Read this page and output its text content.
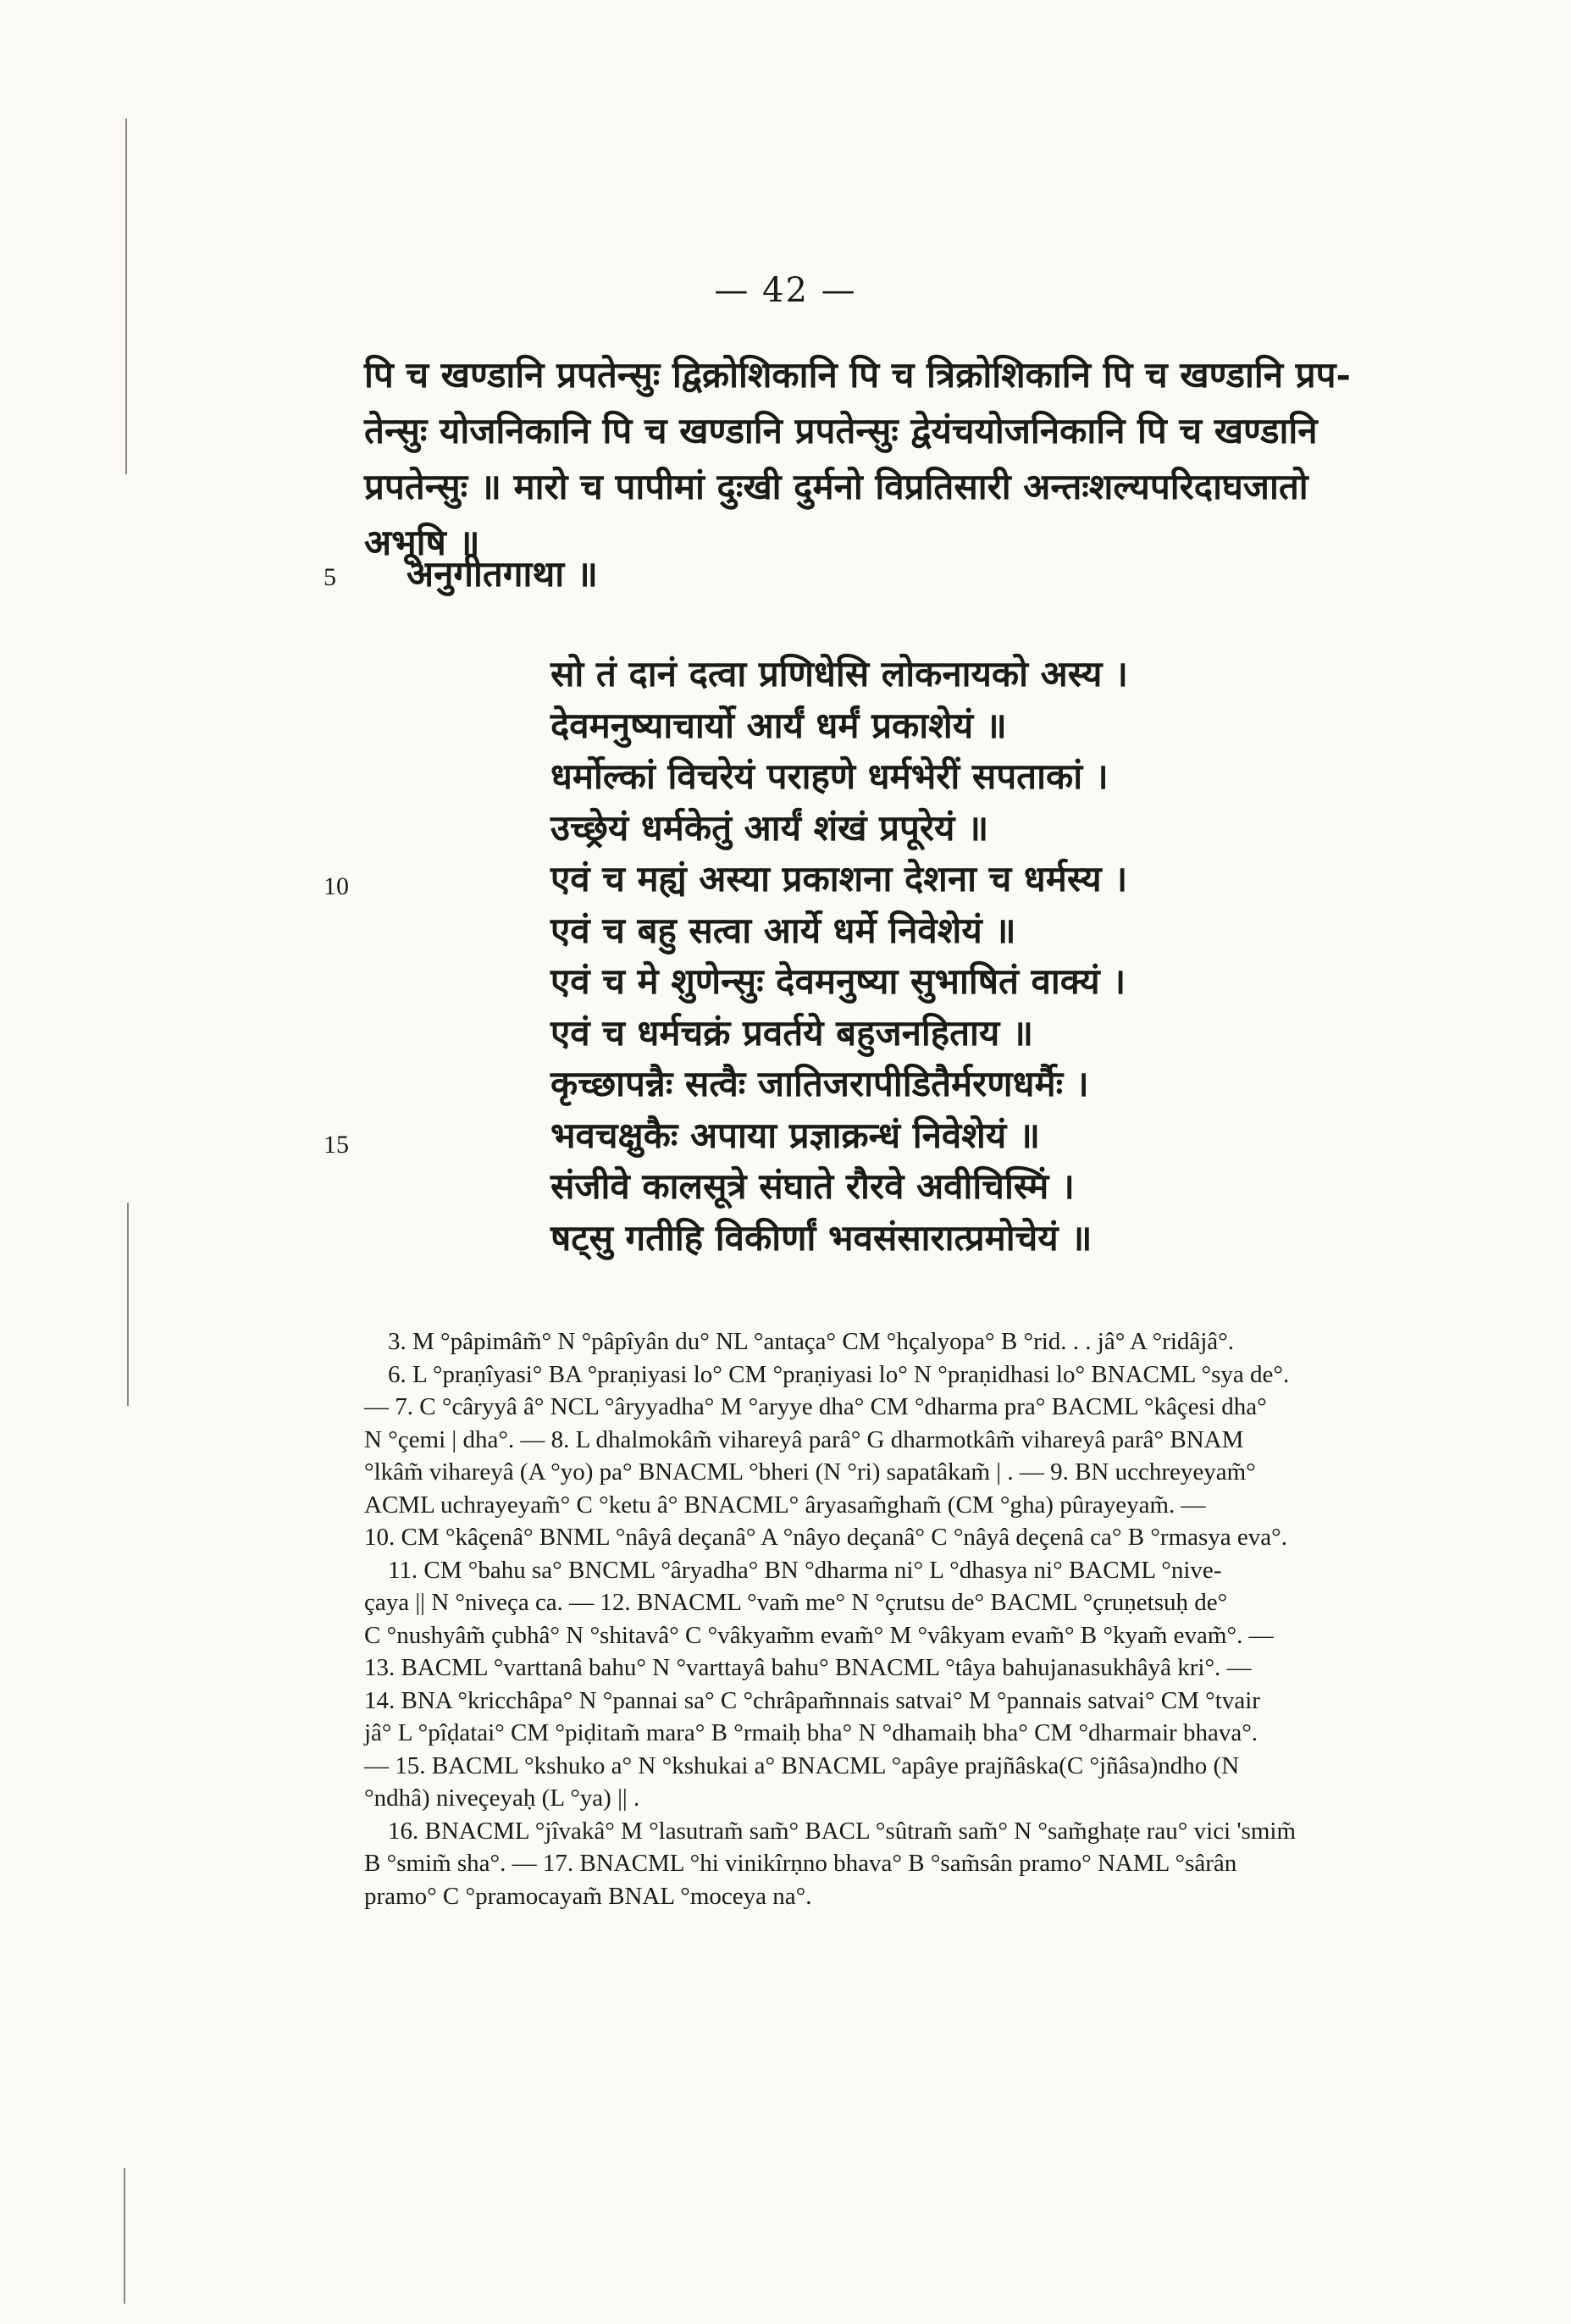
— 42 —
पि च खण्डानि प्रपतेन्सुः द्विक्रोशिकानि पि च त्रिक्रोशिकानि पि च खण्डानि प्रप-
तेन्सुः योजनिकानि पि च खण्डानि प्रपतेन्सुः द्वेयंचयोजनिकानि पि च खण्डानि
प्रपतेन्सुः ॥ मारो च पापीमां दुःखी दुर्मनो विप्रतिसारी अन्तःशल्यपरिदाघजातो
अभूषि ॥
5	अनुगीतगाथा ॥
10
15
सो तं दानं दत्वा प्रणिधेसि लोकनायको अस्य ।
देवमनुष्याचार्यो आर्यं धर्मं प्रकाशेयं ॥
धर्मोल्कां विचरेयं पराहणे धर्मभेरीं सपताकां ।
उच्छ्रेयं धर्मकेतुं आर्यं शंखं प्रपूरेयं ॥
एवं च मह्यं अस्या प्रकाशना देशना च धर्मस्य ।
एवं च बहु सत्वा आर्ये धर्मे निवेशेयं ॥
एवं च मे शुणेन्सुः देवमनुष्या सुभाषितं वाक्यं ।
एवं च धर्मचक्रं प्रवर्तये बहुजनहिताय ॥
कृच्छापन्नैः सत्वैः जातिजरापीडितैर्मरणधर्मैः ।
भवचक्षुकैः अपाया प्रज्ञाक्रन्धं निवेशेयं ॥
संजीवे कालसूत्रे संघाते रौरवे अवीचिस्मिं ।
षट्सु गतीहि विकीर्णां भवसंसारात्प्रमोचेयं ॥
3. M °pâpimâm̃° N °pâpîyân du° NL °antaça° CM °hçalyopa° B °rid. . . jâ° A °ridâjâ°.
6. L °praṇîyasi° BA °praṇiyasi lo° CM °praṇiyasi lo° N °praṇidhasi lo° BNACML °sya de°.
— 7. C °câryyâ â° NCL °âryyadha° M °aryye dha° CM °dharma pra° BACML °kâçesi dha°
N °çemi | dha°. — 8. L dhalmokâm̃ vihareyâ parâ° G dharmotkâm̃ vihareyâ parâ° BNAM
°lkâm̃ vihareyâ (A °yo) pa° BNACML °bheri (N °ri) sapatâkam̃ | . — 9. BN ucchreyeyam̃°
ACML uchrayeyam̃° C °ketu â° BNACML° âryasam̃gham̃ (CM °gha) pûrayeyam̃. —
10. CM °kâçenâ° BNML °nâyâ deçanâ° A °nâyo deçanâ° C °nâyâ deçenâ ca° B °rmasya eva°.
11. CM °bahu sa° BNCML °âryadha° BN °dharma ni° L °dhasya ni° BACML °nive-
çaya || N °niveça ca. — 12. BNACML °vam̃ me° N °çrutsu de° BACML °çruṇetsuḥ de°
C °nushyâm̃ çubhâ° N °shitavâ° C °vâkyam̃m evam̃° M °vâkyam evam̃° B °kyam̃ evam̃°. —
13. BACML °varttanâ bahu° N °varttayâ bahu° BNACML °tâya bahujanasukhâyâ kri°. —
14. BNA °kricchâpa° N °pannai sa° C °chrâpam̃nnais satvai° M °pannais satvai° CM °tvair
jâ° L °pîḍatai° CM °piḍitam̃ mara° B °rmaiḥ bha° N °dhamaiḥ bha° CM °dharmair bhava°.
— 15. BACML °kshuko a° N °kshukai a° BNACML °apâye prajñâska(C °jñâsa)ndho (N
°ndhâ) niveçeyaḥ (L °ya) || .
16. BNACML °jîvakâ° M °lasutram̃ sam̃° BACL °sûtram̃ sam̃° N °sam̃ghaṭe rau° vici 'smim̃
B °smim̃ sha°. — 17. BNACML °hi vinikîrṇno bhava° B °sam̃sân pramo° NAML °sârân
pramo° C °pramocayam̃ BNAL °moceya na°.
